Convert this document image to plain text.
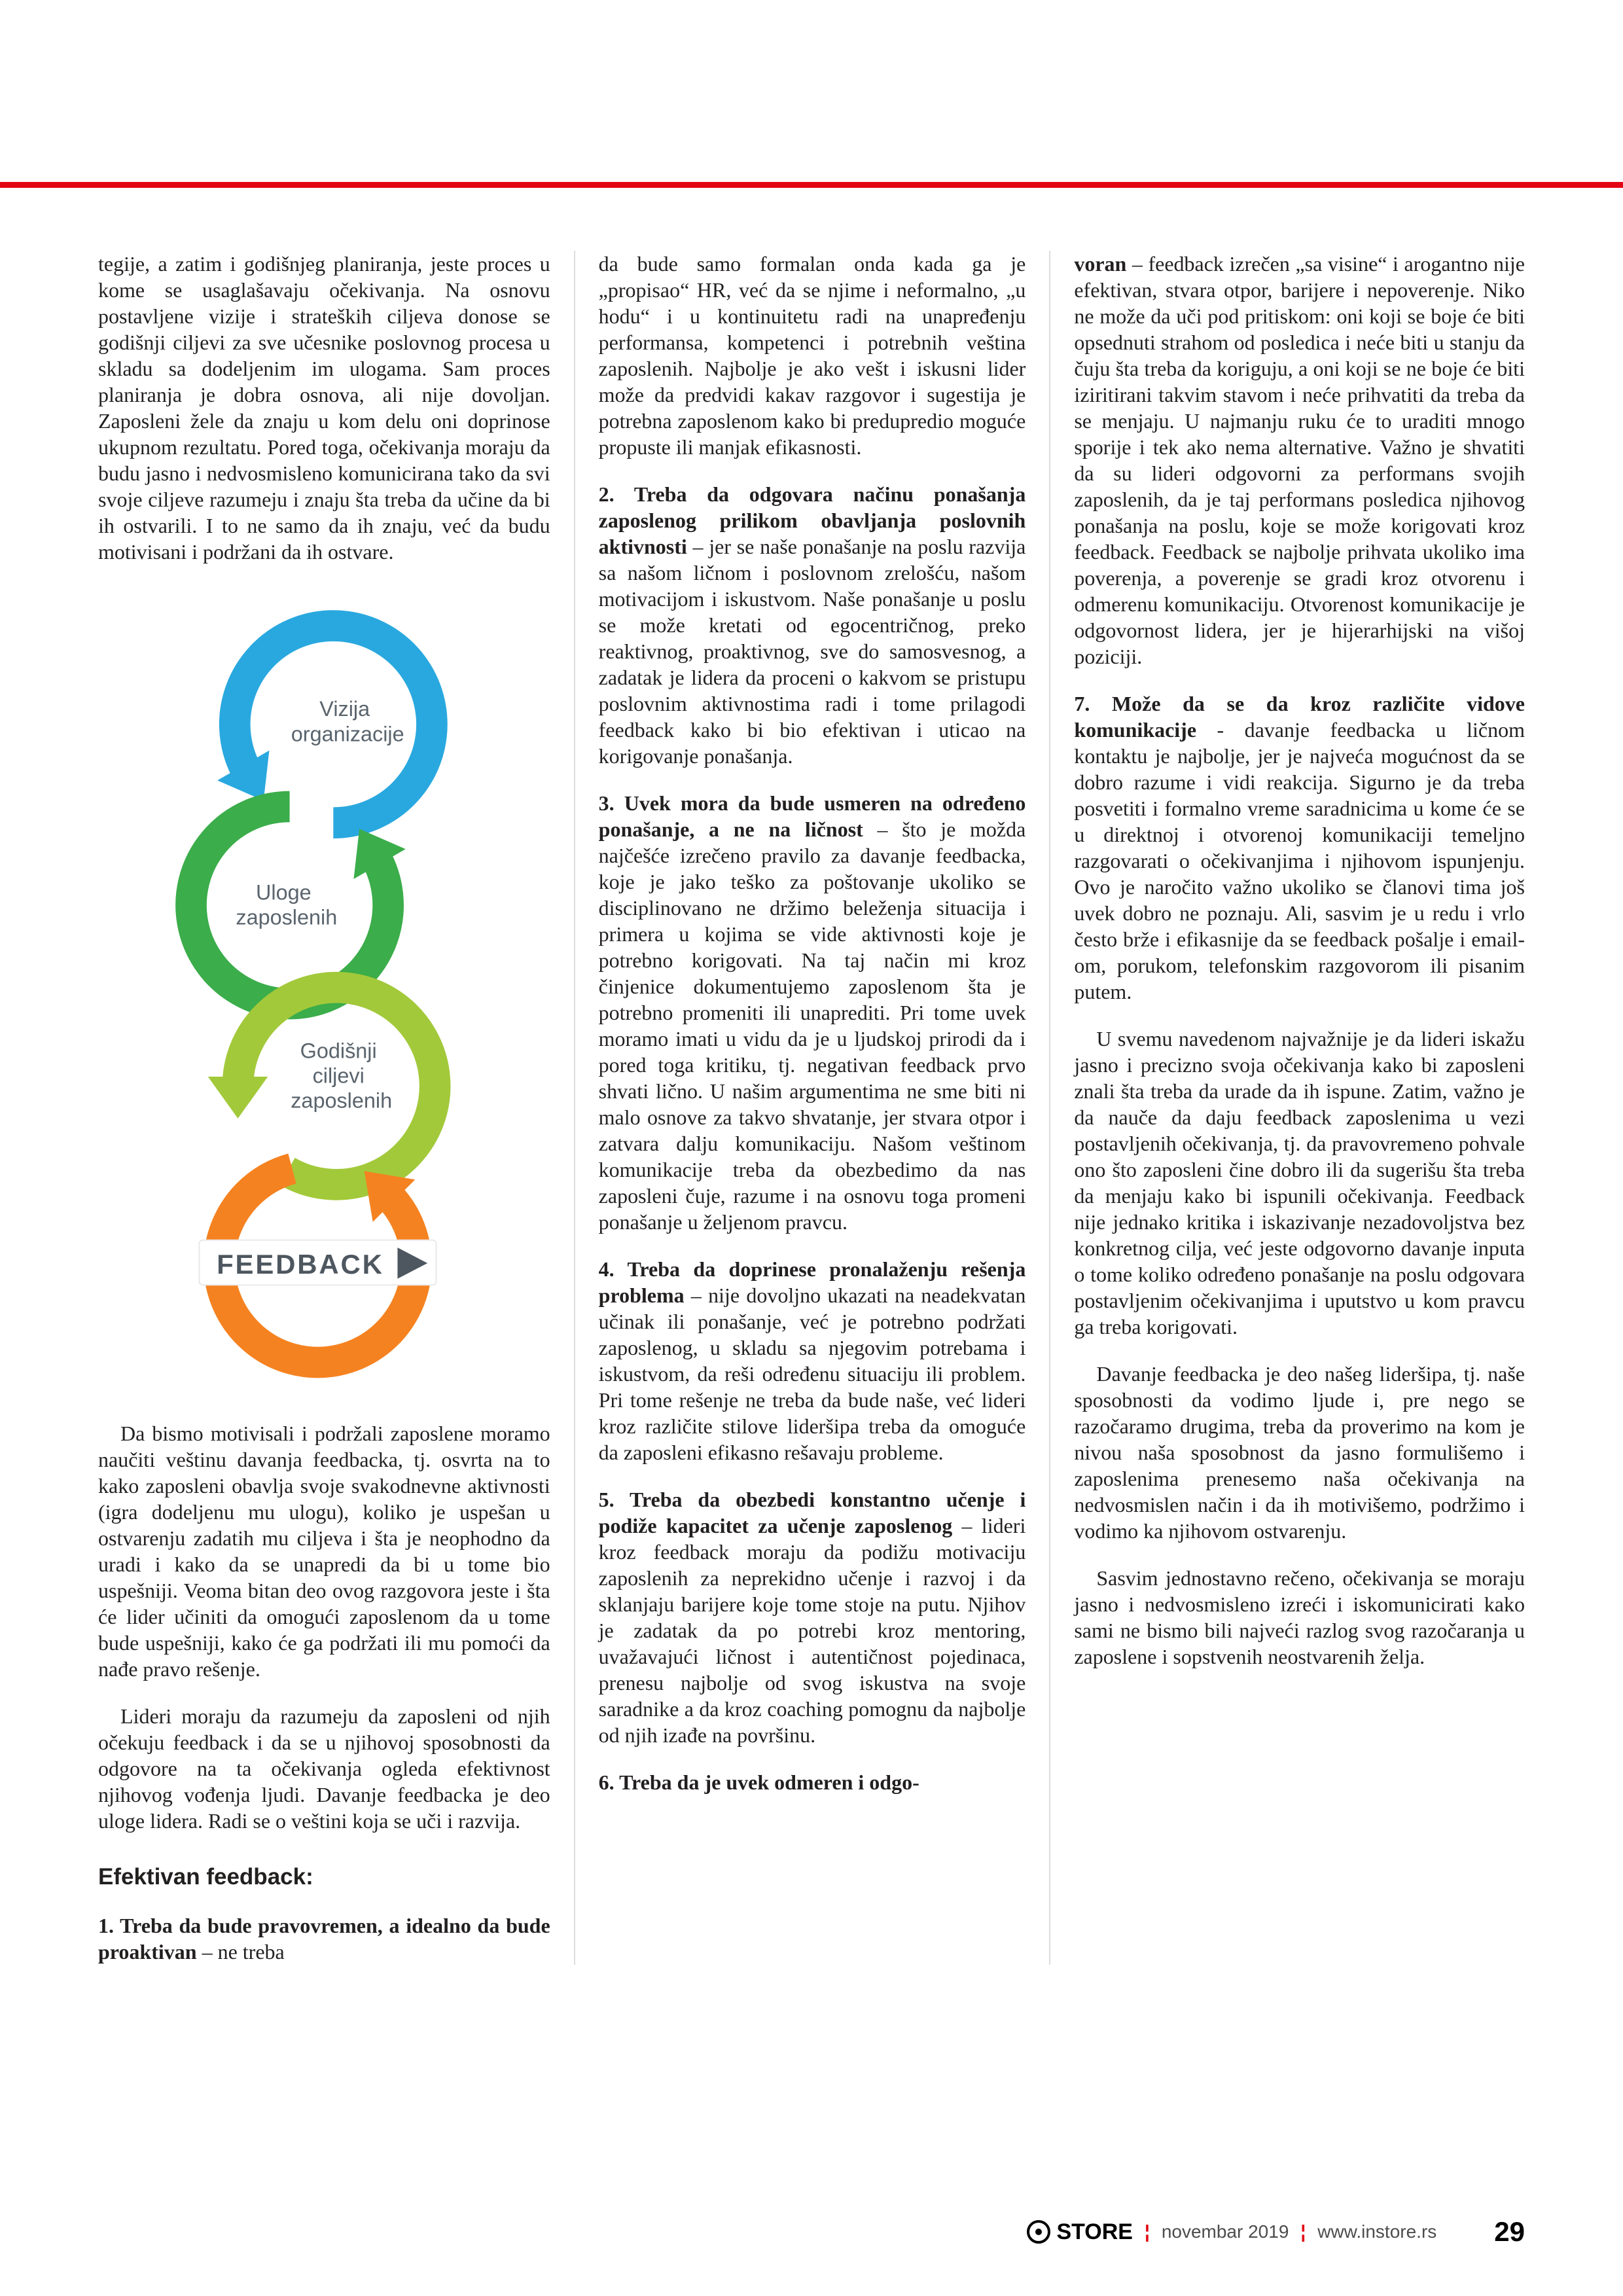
tegije, a zatim i godišnjeg planiranja, jeste proces u kome se usaglašavaju očekivanja. Na osnovu postavljene vizije i strateških ciljeva donose se godišnji ciljevi za sve učesnike poslovnog procesa u skladu sa dodeljenim im ulogama. Sam proces planiranja je dobra osnova, ali nije dovoljan. Zaposleni žele da znaju u kom delu oni doprinose ukupnom rezultatu. Pored toga, očekivanja moraju da budu jasno i nedvosmisleno komunicirana tako da svi svoje ciljeve razumeju i znaju šta treba da učine da bi ih ostvarili. I to ne samo da ih znaju, već da budu motivisani i podržani da ih ostvare.

Vizija organizacije
Uloge zaposlenih
Godišnji ciljevi zaposlenih
FEEDBACK

Da bismo motivisali i podržali zaposlene moramo naučiti veštinu davanja feedbacka, tj. osvrta na to kako zaposleni obavlja svoje svakodnevne aktivnosti (igra dodeljenu mu ulogu), koliko je uspešan u ostvarenju zadatih mu ciljeva i šta je neophodno da uradi i kako da se unapredi da bi u tome bio uspešniji. Veoma bitan deo ovog razgovora jeste i šta će lider učiniti da omogući zaposlenom da u tome bude uspešniji, kako će ga podržati ili mu pomoći da nađe pravo rešenje.

Lideri moraju da razumeju da zaposleni od njih očekuju feedback i da se u njihovoj sposobnosti da odgovore na ta očekivanja ogleda efektivnost njihovog vođenja ljudi. Davanje feedbacka je deo uloge lidera. Radi se o veštini koja se uči i razvija.

Efektivan feedback:

1. Treba da bude pravovremen, a idealno da bude proaktivan – ne treba

da bude samo formalan onda kada ga je „propisao“ HR, već da se njime i neformalno, „u hodu“ i u kontinuitetu radi na unapređenju performansa, kompetenci i potrebnih veština zaposlenih. Najbolje je ako vešt i iskusni lider može da predvidi kakav razgovor i sugestija je potrebna zaposlenom kako bi predupredio moguće propuste ili manjak efikasnosti.

2. Treba da odgovara načinu ponašanja zaposlenog prilikom obavljanja poslovnih aktivnosti – jer se naše ponašanje na poslu razvija sa našom ličnom i poslovnom zrelošću, našom motivacijom i iskustvom. Naše ponašanje u poslu se može kretati od egocentričnog, preko reaktivnog, proaktivnog, sve do samosvesnog, a zadatak je lidera da proceni o kakvom se pristupu poslovnim aktivnostima radi i tome prilagodi feedback kako bi bio efektivan i uticao na korigovanje ponašanja.

3. Uvek mora da bude usmeren na određeno ponašanje, a ne na ličnost – što je možda najčešće izrečeno pravilo za davanje feedbacka, koje je jako teško za poštovanje ukoliko se disciplinovano ne držimo beleženja situacija i primera u kojima se vide aktivnosti koje je potrebno korigovati. Na taj način mi kroz činjenice dokumentujemo zaposlenom šta je potrebno promeniti ili unaprediti. Pri tome uvek moramo imati u vidu da je u ljudskoj prirodi da i pored toga kritiku, tj. negativan feedback prvo shvati lično. U našim argumentima ne sme biti ni malo osnove za takvo shvatanje, jer stvara otpor i zatvara dalju komunikaciju. Našom veštinom komunikacije treba da obezbedimo da nas zaposleni čuje, razume i na osnovu toga promeni ponašanje u željenom pravcu.

4. Treba da doprinese pronalaženju rešenja problema – nije dovoljno ukazati na neadekvatan učinak ili ponašanje, već je potrebno podržati zaposlenog, u skladu sa njegovim potrebama i iskustvom, da reši određenu situaciju ili problem. Pri tome rešenje ne treba da bude naše, već lideri kroz različite stilove lideršipa treba da omoguće da zaposleni efikasno rešavaju probleme.

5. Treba da obezbedi konstantno učenje i podiže kapacitet za učenje zaposlenog – lideri kroz feedback moraju da podižu motivaciju zaposlenih za neprekidno učenje i razvoj i da sklanjaju barijere koje tome stoje na putu. Njihov je zadatak da po potrebi kroz mentoring, uvažavajući ličnost i autentičnost pojedinaca, prenesu najbolje od svog iskustva na svoje saradnike a da kroz coaching pomognu da najbolje od njih izađe na površinu.

6. Treba da je uvek odmeren i odgo-

voran – feedback izrečen „sa visine“ i arogantno nije efektivan, stvara otpor, barijere i nepoverenje. Niko ne može da uči pod pritiskom: oni koji se boje će biti opsednuti strahom od posledica i neće biti u stanju da čuju šta treba da koriguju, a oni koji se ne boje će biti iziritirani takvim stavom i neće prihvatiti da treba da se menjaju. U najmanju ruku će to uraditi mnogo sporije i tek ako nema alternative. Važno je shvatiti da su lideri odgovorni za performans svojih zaposlenih, da je taj performans posledica njihovog ponašanja na poslu, koje se može korigovati kroz feedback. Feedback se najbolje prihvata ukoliko ima poverenja, a poverenje se gradi kroz otvorenu i odmerenu komunikaciju. Otvorenost komunikacije je odgovornost lidera, jer je hijerarhijski na višoj poziciji.

7. Može da se da kroz različite vidove komunikacije - davanje feedbacka u ličnom kontaktu je najbolje, jer je najveća mogućnost da se dobro razume i vidi reakcija. Sigurno je da treba posvetiti i formalno vreme saradnicima u kome će se u direktnoj i otvorenoj komunikaciji temeljno razgovarati o očekivanjima i njihovom ispunjenju. Ovo je naročito važno ukoliko se članovi tima još uvek dobro ne poznaju. Ali, sasvim je u redu i vrlo često brže i efikasnije da se feedback pošalje i email-om, porukom, telefonskim razgovorom ili pisanim putem.

U svemu navedenom najvažnije je da lideri iskažu jasno i precizno svoja očekivanja kako bi zaposleni znali šta treba da urade da ih ispune. Zatim, važno je da nauče da daju feedback zaposlenima u vezi postavljenih očekivanja, tj. da pravovremeno pohvale ono što zaposleni čine dobro ili da sugerišu šta treba da menjaju kako bi ispunili očekivanja. Feedback nije jednako kritika i iskazivanje nezadovoljstva bez konkretnog cilja, već jeste odgovorno davanje inputa o tome koliko određeno ponašanje na poslu odgovara postavljenim očekivanjima i uputstvo u kom pravcu ga treba korigovati.

Davanje feedbacka je deo našeg lideršipa, tj. naše sposobnosti da vodimo ljude i, pre nego se razočaramo drugima, treba da proverimo na kom je nivou naša sposobnost da jasno formulišemo i zaposlenima prenesemo naša očekivanja na nedvosmislen način i da ih motivišemo, podržimo i vodimo ka njihovom ostvarenju.

Sasvim jednostavno rečeno, očekivanja se moraju jasno i nedvosmisleno izreći i iskomunicirati kako sami ne bismo bili najveći razlog svog razočaranja u zaposlene i sopstvenih neostvarenih želja.

STORE ¦ novembar 2019 ¦ www.instore.rs 29
